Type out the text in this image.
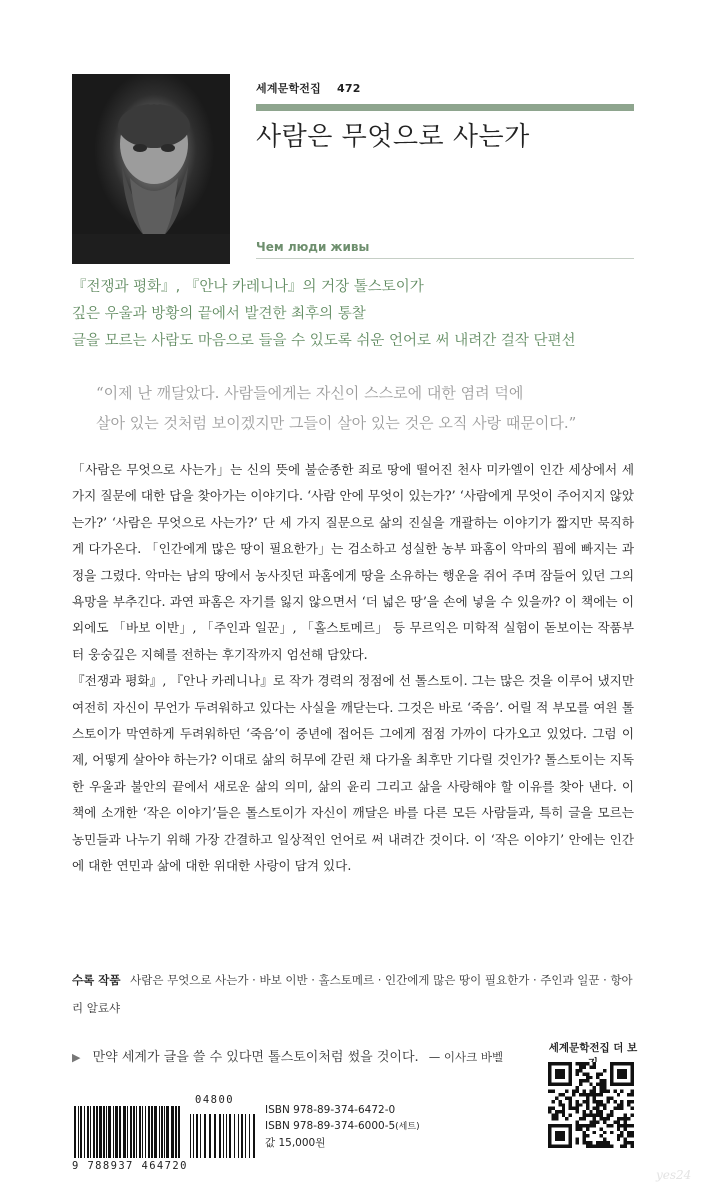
세계문학전집 472
사람은 무엇으로 사는가
Чем люди живы
『전쟁과 평화』, 『안나 카레니나』의 거장 톨스토이가
깊은 우울과 방황의 끝에서 발견한 최후의 통찰
글을 모르는 사람도 마음으로 들을 수 있도록 쉬운 언어로 써 내려간 걸작 단편선
“이제 난 깨달았다. 사람들에게는 자신이 스스로에 대한 염려 덕에
살아 있는 것처럼 보이겠지만 그들이 살아 있는 것은 오직 사랑 때문이다.”

「사람은 무엇으로 사는가」는 신의 뜻에 불순종한 죄로 땅에 떨어진 천사 미카엘이 인간 세상에서 세 가지 질문에 대한 답을 찾아가는 이야기다. ‘사람 안에 무엇이 있는가?’ ‘사람에게 무엇이 주어지지 않았는가?’ ‘사람은 무엇으로 사는가?’ 단 세 가지 질문으로 삶의 진실을 개괄하는 이야기가 짧지만 묵직하게 다가온다. 「인간에게 많은 땅이 필요한가」는 검소하고 성실한 농부 파홈이 악마의 꾐에 빠지는 과정을 그렸다. 악마는 남의 땅에서 농사짓던 파홈에게 땅을 소유하는 행운을 쥐어 주며 잠들어 있던 그의 욕망을 부추긴다. 과연 파홈은 자기를 잃지 않으면서 ‘더 넓은 땅’을 손에 넣을 수 있을까? 이 책에는 이외에도 「바보 이반」, 「주인과 일꾼」, 「홀스토메르」 등 무르익은 미학적 실험이 돋보이는 작품부터 웅숭깊은 지혜를 전하는 후기작까지 엄선해 담았다.

『전쟁과 평화』, 『안나 카레니나』로 작가 경력의 정점에 선 톨스토이. 그는 많은 것을 이루어 냈지만 여전히 자신이 무언가 두려워하고 있다는 사실을 깨닫는다. 그것은 바로 ‘죽음’. 어릴 적 부모를 여읜 톨스토이가 막연하게 두려워하던 ‘죽음’이 중년에 접어든 그에게 점점 가까이 다가오고 있었다. 그럼 이제, 어떻게 살아야 하는가? 이대로 삶의 허무에 갇린 채 다가올 최후만 기다릴 것인가? 톨스토이는 지독한 우울과 불안의 끝에서 새로운 삶의 의미, 삶의 윤리 그리고 삶을 사랑해야 할 이유를 찾아 낸다. 이 책에 소개한 ‘작은 이야기’들은 톨스토이가 자신이 깨달은 바를 다른 모든 사람들과, 특히 글을 모르는 농민들과 나누기 위해 가장 간결하고 일상적인 언어로 써 내려간 것이다. 이 ‘작은 이야기’ 안에는 인간에 대한 연민과 삶에 대한 위대한 사랑이 담겨 있다.

수록 작품 사람은 무엇으로 사는가 · 바보 이반 · 홀스토메르 · 인간에게 많은 땅이 필요한가 · 주인과 일꾼 · 항아리 알료샤
▶ 만약 세계가 글을 쓸 수 있다면 톨스토이처럼 썼을 것이다. — 이사크 바벨
세계문학전집 더 보
04800
9 788937 464720
ISBN 978-89-374-6472-0
ISBN 978-89-374-6000-5(세트)
값 15,000원
yes24
